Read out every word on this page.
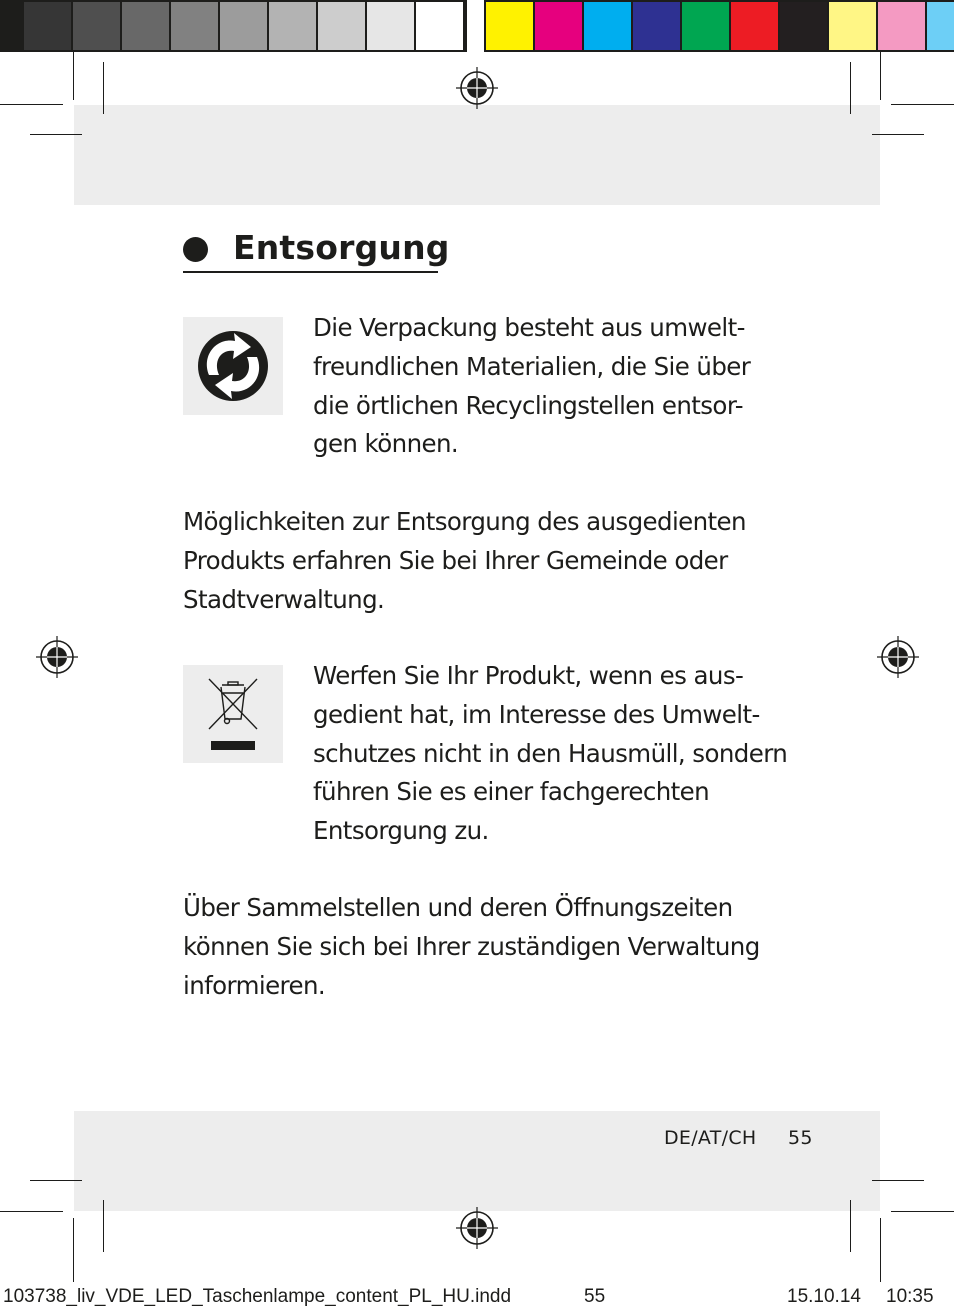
Entsorgung
Die Verpackung besteht aus umwelt-
freundlichen Materialien, die Sie über
die örtlichen Recyclingstellen entsor-
gen können.
Möglichkeiten zur Entsorgung des ausgedienten
Produkts erfahren Sie bei Ihrer Gemeinde oder
Stadtverwaltung.
Werfen Sie Ihr Produkt, wenn es aus-
gedient hat, im Interesse des Umwelt-
schutzes nicht in den Hausmüll, sondern
führen Sie es einer fachgerechten
Entsorgung zu.
Über Sammelstellen und deren Öffnungszeiten
können Sie sich bei Ihrer zuständigen Verwaltung
informieren.
DE/AT/CH 55
103738_liv_VDE_LED_Taschenlampe_content_PL_HU.indd	55	15.10.14 10:35
